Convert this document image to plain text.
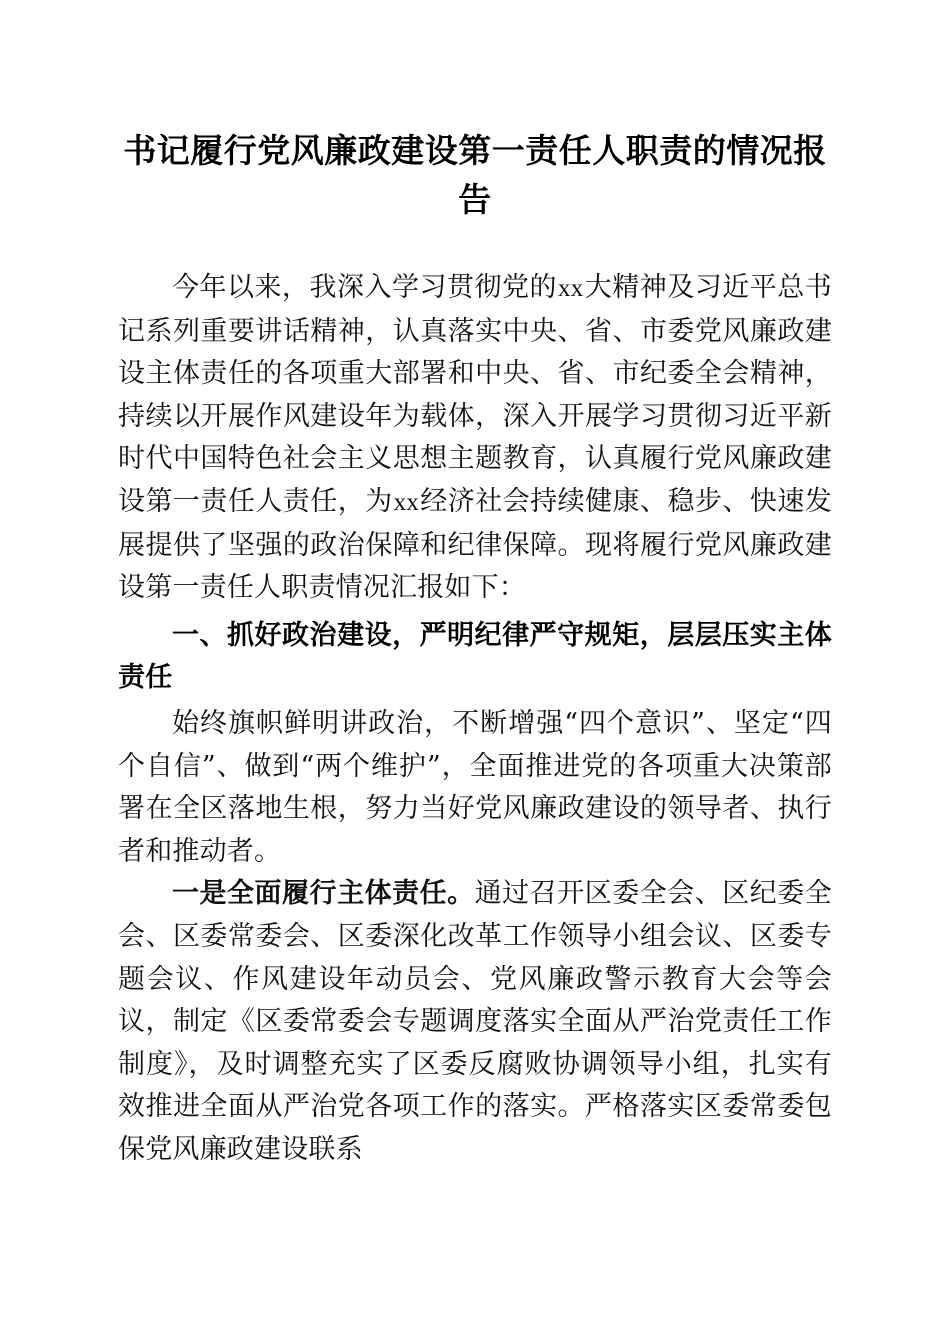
书记履行党风廉政建设第一责任人职责的情况报告

今年以来，我深入学习贯彻党的xx大精神及习近平总书记系列重要讲话精神，认真落实中央、省、市委党风廉政建设主体责任的各项重大部署和中央、省、市纪委全会精神，持续以开展作风建设年为载体，深入开展学习贯彻习近平新时代中国特色社会主义思想主题教育，认真履行党风廉政建设第一责任人责任，为xx经济社会持续健康、稳步、快速发展提供了坚强的政治保障和纪律保障。现将履行党风廉政建设第一责任人职责情况汇报如下：

一、抓好政治建设，严明纪律严守规矩，层层压实主体责任

始终旗帜鲜明讲政治，不断增强“四个意识”、坚定“四个自信”、做到“两个维护”，全面推进党的各项重大决策部署在全区落地生根，努力当好党风廉政建设的领导者、执行者和推动者。

一是全面履行主体责任。通过召开区委全会、区纪委全会、区委常委会、区委深化改革工作领导小组会议、区委专题会议、作风建设年动员会、党风廉政警示教育大会等会议，制定《区委常委会专题调度落实全面从严治党责任工作制度》，及时调整充实了区委反腐败协调领导小组，扎实有效推进全面从严治党各项工作的落实。严格落实区委常委包保党风廉政建设联系
